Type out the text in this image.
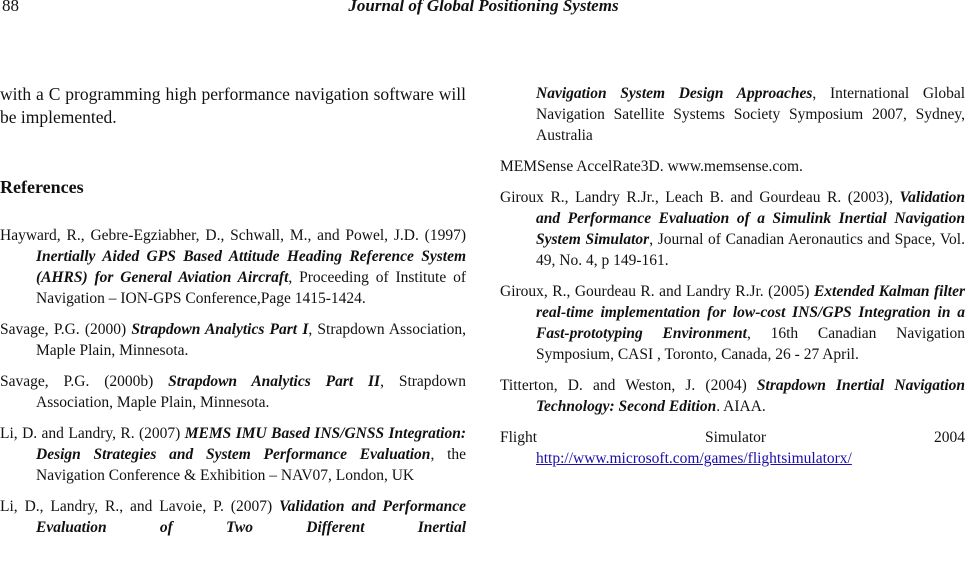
88	Journal of Global Positioning Systems

with a C programming high performance navigation software will be implemented.

References

Hayward, R., Gebre-Egziabher, D., Schwall, M., and Powel, J.D. (1997) Inertially Aided GPS Based Attitude Heading Reference System (AHRS) for General Aviation Aircraft, Proceeding of Institute of Navigation – ION-GPS Conference,Page 1415-1424.

Savage, P.G. (2000) Strapdown Analytics Part I, Strapdown Association, Maple Plain, Minnesota.

Savage, P.G. (2000b) Strapdown Analytics Part II, Strapdown Association, Maple Plain, Minnesota.

Li, D. and Landry, R. (2007) MEMS IMU Based INS/GNSS Integration: Design Strategies and System Performance Evaluation, the Navigation Conference & Exhibition – NAV07, London, UK

Li, D., Landry, R., and Lavoie, P. (2007) Validation and Performance Evaluation of Two Different Inertial

Navigation System Design Approaches, International Global Navigation Satellite Systems Society Symposium 2007, Sydney, Australia

MEMSense AccelRate3D. www.memsense.com.

Giroux R., Landry R.Jr., Leach B. and Gourdeau R. (2003), Validation and Performance Evaluation of a Simulink Inertial Navigation System Simulator, Journal of Canadian Aeronautics and Space, Vol. 49, No. 4, p 149-161.

Giroux, R., Gourdeau R. and Landry R.Jr. (2005) Extended Kalman filter real-time implementation for low-cost INS/GPS Integration in a Fast-prototyping Environment, 16th Canadian Navigation Symposium, CASI , Toronto, Canada, 26 - 27 April.

Titterton, D. and Weston, J. (2004) Strapdown Inertial Navigation Technology: Second Edition. AIAA.

Flight	Simulator	2004
http://www.microsoft.com/games/flightsimulatorx/
